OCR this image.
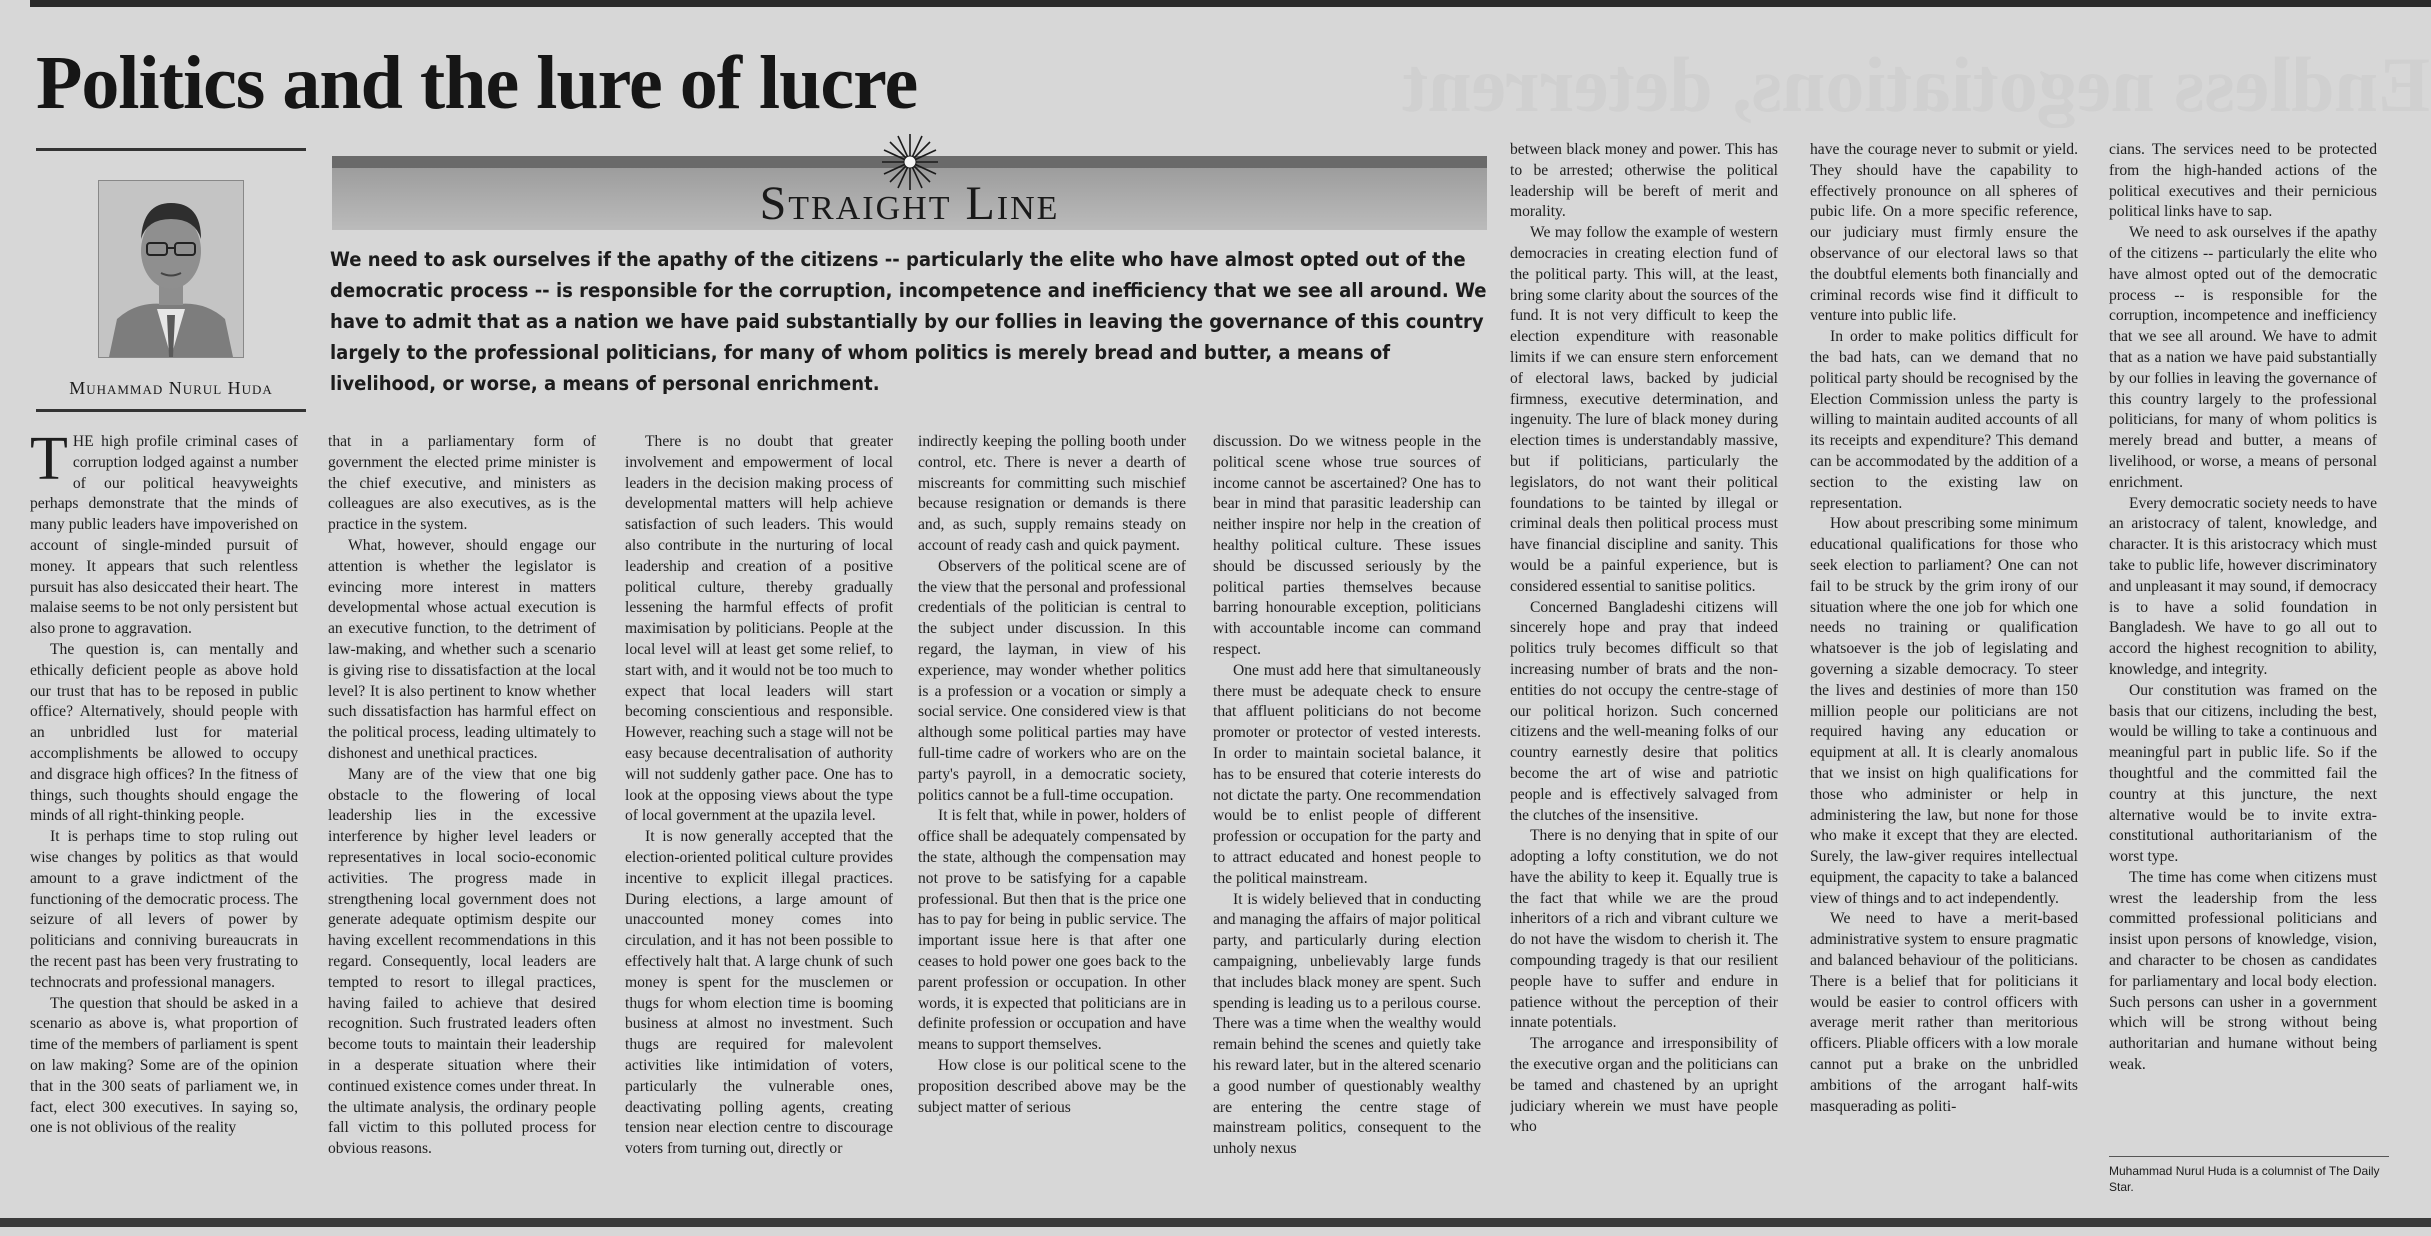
Endless negotiations, deterrent
Politics and the lure of lucre
Muhammad Nurul Huda
Straight Line

We need to ask ourselves if the apathy of the citizens -- particularly the elite who have almost opted out of the democratic process -- is responsible for the corruption, incompetence and inefficiency that we see all around. We have to admit that as a nation we have paid substantially by our follies in leaving the governance of this country largely to the professional politicians, for many of whom politics is merely bread and butter, a means of livelihood, or worse, a means of personal enrichment.

THE high profile criminal cases of corruption lodged against a number of our political heavyweights perhaps demonstrate that the minds of many public leaders have impoverished on account of single-minded pursuit of money. It appears that such relentless pursuit has also desiccated their heart. The malaise seems to be not only persistent but also prone to aggravation.

The question is, can mentally and ethically deficient people as above hold our trust that has to be reposed in public office? Alternatively, should people with an unbridled lust for material accomplishments be allowed to occupy and disgrace high offices? In the fitness of things, such thoughts should engage the minds of all right-thinking people.

It is perhaps time to stop ruling out wise changes by politics as that would amount to a grave indictment of the functioning of the democratic process. The seizure of all levers of power by politicians and conniving bureaucrats in the recent past has been very frustrating to technocrats and professional managers.

The question that should be asked in a scenario as above is, what proportion of time of the members of parliament is spent on law making? Some are of the opinion that in the 300 seats of parliament we, in fact, elect 300 executives. In saying so, one is not oblivious of the reality

that in a parliamentary form of government the elected prime minister is the chief executive, and ministers as colleagues are also executives, as is the practice in the system.

What, however, should engage our attention is whether the legislator is evincing more interest in matters developmental whose actual execution is an executive function, to the detriment of law-making, and whether such a scenario is giving rise to dissatisfaction at the local level? It is also pertinent to know whether such dissatisfaction has harmful effect on the political process, leading ultimately to dishonest and unethical practices.

Many are of the view that one big obstacle to the flowering of local leadership lies in the excessive interference by higher level leaders or representatives in local socio-economic activities. The progress made in strengthening local government does not generate adequate optimism despite our having excellent recommendations in this regard. Consequently, local leaders are tempted to resort to illegal practices, having failed to achieve that desired recognition. Such frustrated leaders often become touts to maintain their leadership in a desperate situation where their continued existence comes under threat. In the ultimate analysis, the ordinary people fall victim to this polluted process for obvious reasons.

There is no doubt that greater involvement and empowerment of local leaders in the decision making process of developmental matters will help achieve satisfaction of such leaders. This would also contribute in the nurturing of local leadership and creation of a positive political culture, thereby gradually lessening the harmful effects of profit maximisation by politicians. People at the local level will at least get some relief, to start with, and it would not be too much to expect that local leaders will start becoming conscientious and responsible. However, reaching such a stage will not be easy because decentralisation of authority will not suddenly gather pace. One has to look at the opposing views about the type of local government at the upazila level.

It is now generally accepted that the election-oriented political culture provides incentive to explicit illegal practices. During elections, a large amount of unaccounted money comes into circulation, and it has not been possible to effectively halt that. A large chunk of such money is spent for the musclemen or thugs for whom election time is booming business at almost no investment. Such thugs are required for malevolent activities like intimidation of voters, particularly the vulnerable ones, deactivating polling agents, creating tension near election centre to discourage voters from turning out, directly or

indirectly keeping the polling booth under control, etc. There is never a dearth of miscreants for committing such mischief because resignation or demands is there and, as such, supply remains steady on account of ready cash and quick payment.

Observers of the political scene are of the view that the personal and professional credentials of the politician is central to the subject under discussion. In this regard, the layman, in view of his experience, may wonder whether politics is a profession or a vocation or simply a social service. One considered view is that although some political parties may have full-time cadre of workers who are on the party's payroll, in a democratic society, politics cannot be a full-time occupation.

It is felt that, while in power, holders of office shall be adequately compensated by the state, although the compensation may not prove to be satisfying for a capable professional. But then that is the price one has to pay for being in public service. The important issue here is that after one ceases to hold power one goes back to the parent profession or occupation. In other words, it is expected that politicians are in definite profession or occupation and have means to support themselves.

How close is our political scene to the proposition described above may be the subject matter of serious

discussion. Do we witness people in the political scene whose true sources of income cannot be ascertained? One has to bear in mind that parasitic leadership can neither inspire nor help in the creation of healthy political culture. These issues should be discussed seriously by the political parties themselves because barring honourable exception, politicians with accountable income can command respect.

One must add here that simultaneously there must be adequate check to ensure that affluent politicians do not become promoter or protector of vested interests. In order to maintain societal balance, it has to be ensured that coterie interests do not dictate the party. One recommendation would be to enlist people of different profession or occupation for the party and to attract educated and honest people to the political mainstream.

It is widely believed that in conducting and managing the affairs of major political party, and particularly during election campaigning, unbelievably large funds that includes black money are spent. Such spending is leading us to a perilous course. There was a time when the wealthy would remain behind the scenes and quietly take his reward later, but in the altered scenario a good number of questionably wealthy are entering the centre stage of mainstream politics, consequent to the unholy nexus

between black money and power. This has to be arrested; otherwise the political leadership will be bereft of merit and morality.

We may follow the example of western democracies in creating election fund of the political party. This will, at the least, bring some clarity about the sources of the fund. It is not very difficult to keep the election expenditure with reasonable limits if we can ensure stern enforcement of electoral laws, backed by judicial firmness, executive determination, and ingenuity. The lure of black money during election times is understandably massive, but if politicians, particularly the legislators, do not want their political foundations to be tainted by illegal or criminal deals then political process must have financial discipline and sanity. This would be a painful experience, but is considered essential to sanitise politics.

Concerned Bangladeshi citizens will sincerely hope and pray that indeed politics truly becomes difficult so that increasing number of brats and the non-entities do not occupy the centre-stage of our political horizon. Such concerned citizens and the well-meaning folks of our country earnestly desire that politics become the art of wise and patriotic people and is effectively salvaged from the clutches of the insensitive.

There is no denying that in spite of our adopting a lofty constitution, we do not have the ability to keep it. Equally true is the fact that while we are the proud inheritors of a rich and vibrant culture we do not have the wisdom to cherish it. The compounding tragedy is that our resilient people have to suffer and endure in patience without the perception of their innate potentials.

The arrogance and irresponsibility of the executive organ and the politicians can be tamed and chastened by an upright judiciary wherein we must have people who

have the courage never to submit or yield. They should have the capability to effectively pronounce on all spheres of pubic life. On a more specific reference, our judiciary must firmly ensure the observance of our electoral laws so that the doubtful elements both financially and criminal records wise find it difficult to venture into public life.

In order to make politics difficult for the bad hats, can we demand that no political party should be recognised by the Election Commission unless the party is willing to maintain audited accounts of all its receipts and expenditure? This demand can be accommodated by the addition of a section to the existing law on representation.

How about prescribing some minimum educational qualifications for those who seek election to parliament? One can not fail to be struck by the grim irony of our situation where the one job for which one needs no training or qualification whatsoever is the job of legislating and governing a sizable democracy. To steer the lives and destinies of more than 150 million people our politicians are not required having any education or equipment at all. It is clearly anomalous that we insist on high qualifications for those who administer or help in administering the law, but none for those who make it except that they are elected. Surely, the law-giver requires intellectual equipment, the capacity to take a balanced view of things and to act independently.

We need to have a merit-based administrative system to ensure pragmatic and balanced behaviour of the politicians. There is a belief that for politicians it would be easier to control officers with average merit rather than meritorious officers. Pliable officers with a low morale cannot put a brake on the unbridled ambitions of the arrogant half-wits masquerading as politi-

cians. The services need to be protected from the high-handed actions of the political executives and their pernicious political links have to sap.

We need to ask ourselves if the apathy of the citizens -- particularly the elite who have almost opted out of the democratic process -- is responsible for the corruption, incompetence and inefficiency that we see all around. We have to admit that as a nation we have paid substantially by our follies in leaving the governance of this country largely to the professional politicians, for many of whom politics is merely bread and butter, a means of livelihood, or worse, a means of personal enrichment.

Every democratic society needs to have an aristocracy of talent, knowledge, and character. It is this aristocracy which must take to public life, however discriminatory and unpleasant it may sound, if democracy is to have a solid foundation in Bangladesh. We have to go all out to accord the highest recognition to ability, knowledge, and integrity.

Our constitution was framed on the basis that our citizens, including the best, would be willing to take a continuous and meaningful part in public life. So if the thoughtful and the committed fail the country at this juncture, the next alternative would be to invite extra-constitutional authoritarianism of the worst type.

The time has come when citizens must wrest the leadership from the less committed professional politicians and insist upon persons of knowledge, vision, and character to be chosen as candidates for parliamentary and local body election. Such persons can usher in a government which will be strong without being authoritarian and humane without being weak.

Muhammad Nurul Huda is a columnist of The Daily Star.
